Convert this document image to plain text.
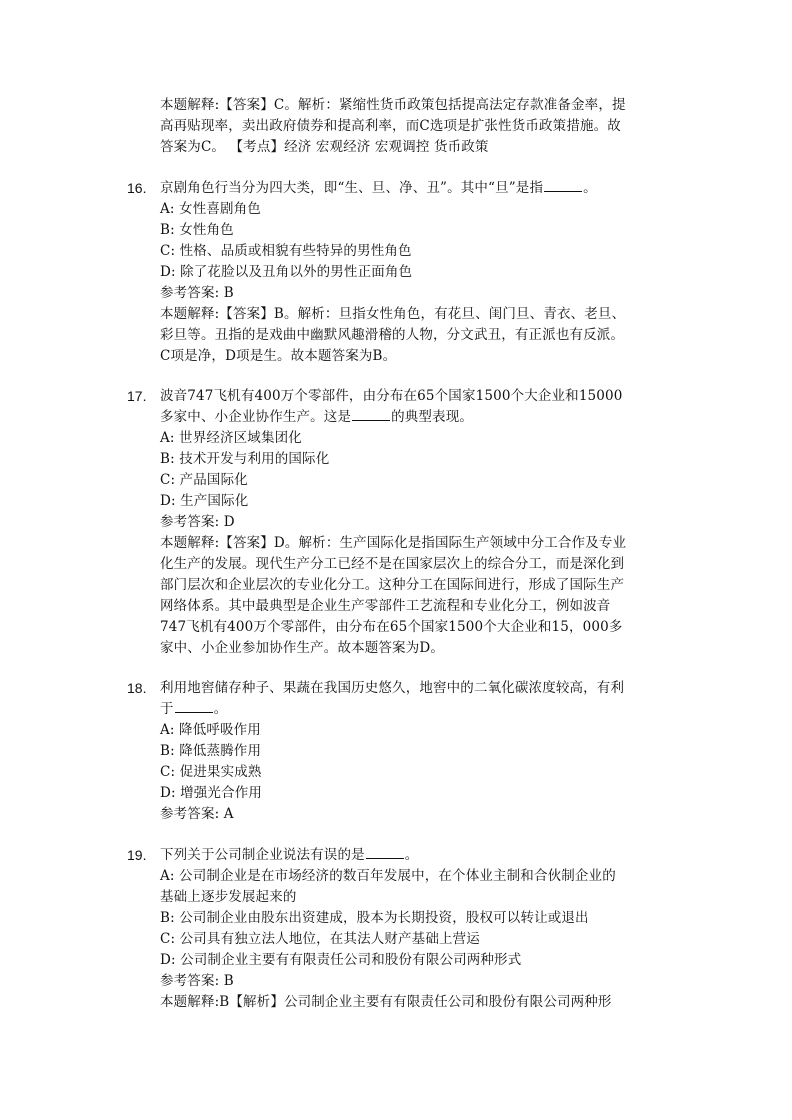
本题解释:【答案】C。解析：紧缩性货币政策包括提高法定存款准备金率，提
高再贴现率，卖出政府债券和提高利率，而C选项是扩张性货币政策措施。故
答案为C。 【考点】经济 宏观经济 宏观调控 货币政策
16. 京剧角色行当分为四大类，即“生、旦、净、丑”。其中“旦”是指	。
A: 女性喜剧角色
B: 女性角色
C: 性格、品质或相貌有些特异的男性角色
D: 除了花脸以及丑角以外的男性正面角色
参考答案: B
本题解释:【答案】B。解析：旦指女性角色，有花旦、闺门旦、青衣、老旦、
彩旦等。丑指的是戏曲中幽默风趣滑稽的人物，分文武丑，有正派也有反派。
C项是净，D项是生。故本题答案为B。
17. 波音747飞机有400万个零部件，由分布在65个国家1500个大企业和15000
多家中、小企业协作生产。这是	的典型表现。
A: 世界经济区域集团化
B: 技术开发与利用的国际化
C: 产品国际化
D: 生产国际化
参考答案: D
本题解释:【答案】D。解析：生产国际化是指国际生产领域中分工合作及专业
化生产的发展。现代生产分工已经不是在国家层次上的综合分工，而是深化到
部门层次和企业层次的专业化分工。这种分工在国际间进行，形成了国际生产
网络体系。其中最典型是企业生产零部件工艺流程和专业化分工，例如波音
747飞机有400万个零部件，由分布在65个国家1500个大企业和15，000多
家中、小企业参加协作生产。故本题答案为D。
18. 利用地窖储存种子、果蔬在我国历史悠久，地窖中的二氧化碳浓度较高，有利
于	。
A: 降低呼吸作用
B: 降低蒸腾作用
C: 促进果实成熟
D: 增强光合作用
参考答案: A
19. 下列关于公司制企业说法有误的是	。
A: 公司制企业是在市场经济的数百年发展中，在个体业主制和合伙制企业的
基础上逐步发展起来的
B: 公司制企业由股东出资建成，股本为长期投资，股权可以转让或退出
C: 公司具有独立法人地位，在其法人财产基础上营运
D: 公司制企业主要有有限责任公司和股份有限公司两种形式
参考答案: B
本题解释:B【解析】公司制企业主要有有限责任公司和股份有限公司两种形
